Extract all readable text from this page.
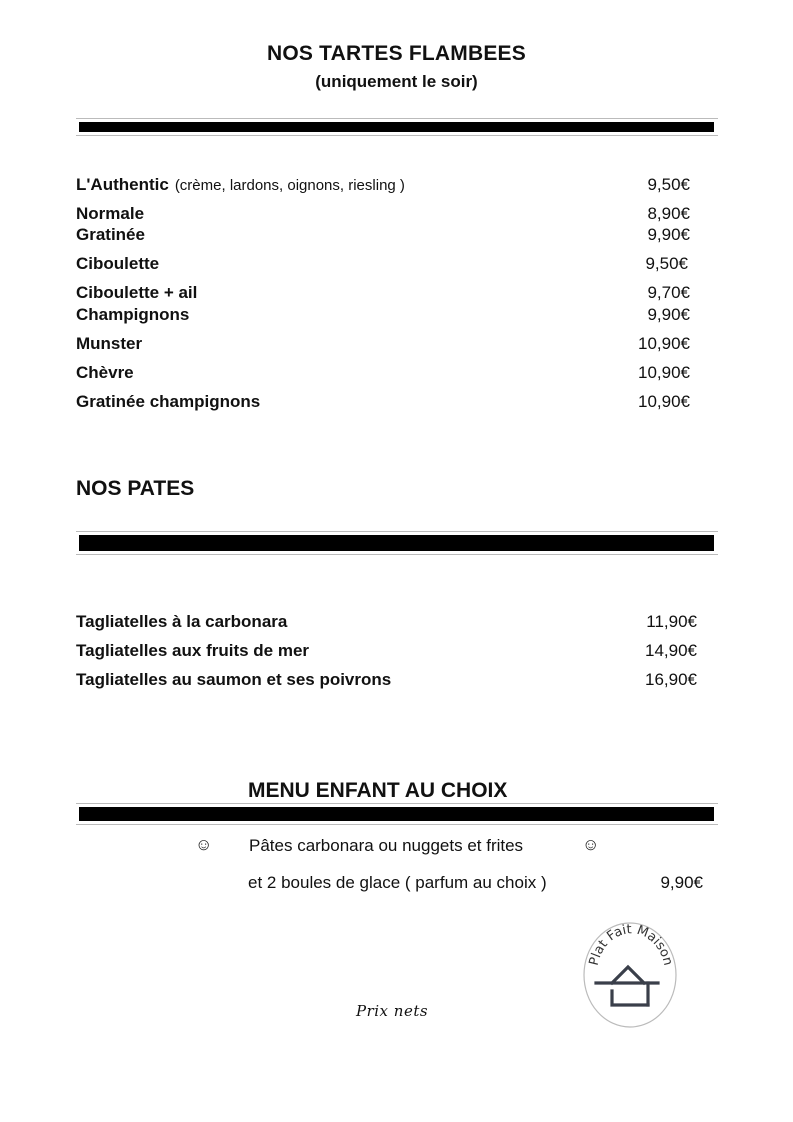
NOS TARTES FLAMBEES
(uniquement le soir)
L'Authentic (crème, lardons, oignons, riesling )	9,50€
Normale	8,90€
Gratinée	9,90€
Ciboulette	9,50€
Ciboulette + ail	9,70€
Champignons	9,90€
Munster	10,90€
Chèvre	10,90€
Gratinée champignons	10,90€
NOS PATES
Tagliatelles à la carbonara	11,90€
Tagliatelles aux fruits de mer	14,90€
Tagliatelles au saumon et ses poivrons	16,90€
MENU ENFANT AU CHOIX
☺ Pâtes carbonara ou nuggets et frites	☺
et 2 boules de glace ( parfum au choix )	9,90€
Prix nets
Plat Fait Maison
